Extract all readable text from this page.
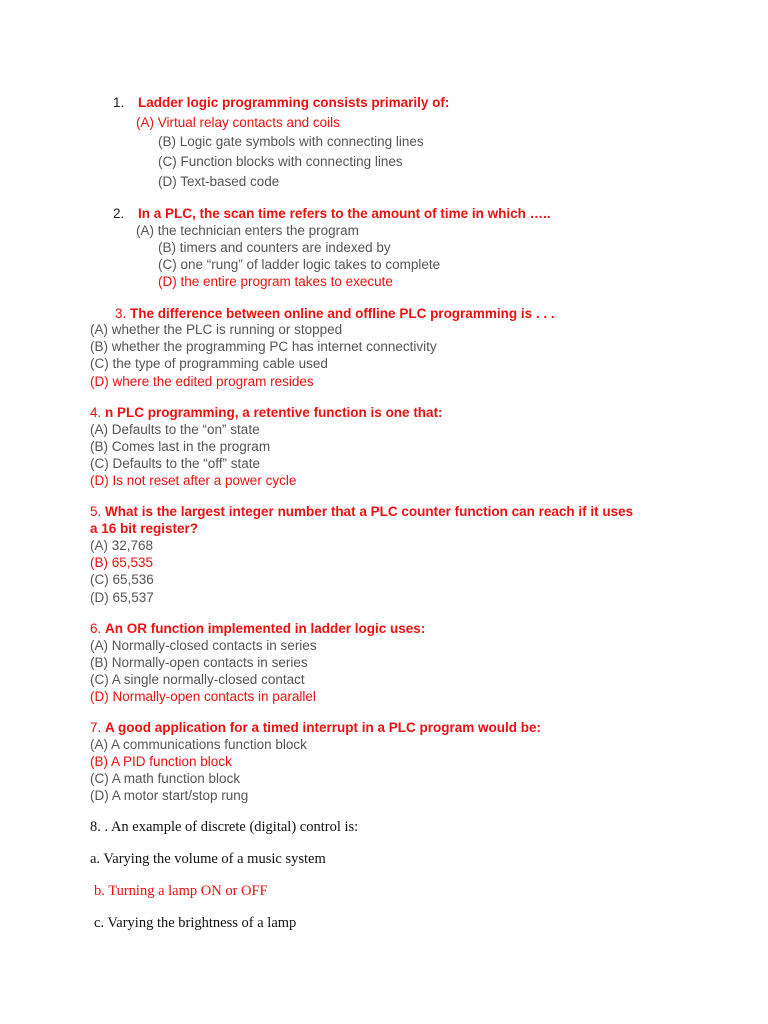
1. Ladder logic programming consists primarily of:
(A) Virtual relay contacts and coils
(B) Logic gate symbols with connecting lines
(C) Function blocks with connecting lines
(D) Text-based code
2. In a PLC, the scan time refers to the amount of time in which …..
(A) the technician enters the program
(B) timers and counters are indexed by
(C) one “rung” of ladder logic takes to complete
(D) the entire program takes to execute
3. The difference between online and offline PLC programming is . . .
(A) whether the PLC is running or stopped
(B) whether the programming PC has internet connectivity
(C) the type of programming cable used
(D) where the edited program resides
4. n PLC programming, a retentive function is one that:
(A) Defaults to the “on” state
(B) Comes last in the program
(C) Defaults to the “off” state
(D) Is not reset after a power cycle
5. What is the largest integer number that a PLC counter function can reach if it uses
a 16 bit register?
(A) 32,768
(B) 65,535
(C) 65,536
(D) 65,537
6. An OR function implemented in ladder logic uses:
(A) Normally-closed contacts in series
(B) Normally-open contacts in series
(C) A single normally-closed contact
(D) Normally-open contacts in parallel
7. A good application for a timed interrupt in a PLC program would be:
(A) A communications function block
(B) A PID function block
(C) A math function block
(D) A motor start/stop rung
8. . An example of discrete (digital) control is:
a. Varying the volume of a music system
b. Turning a lamp ON or OFF
c. Varying the brightness of a lamp
